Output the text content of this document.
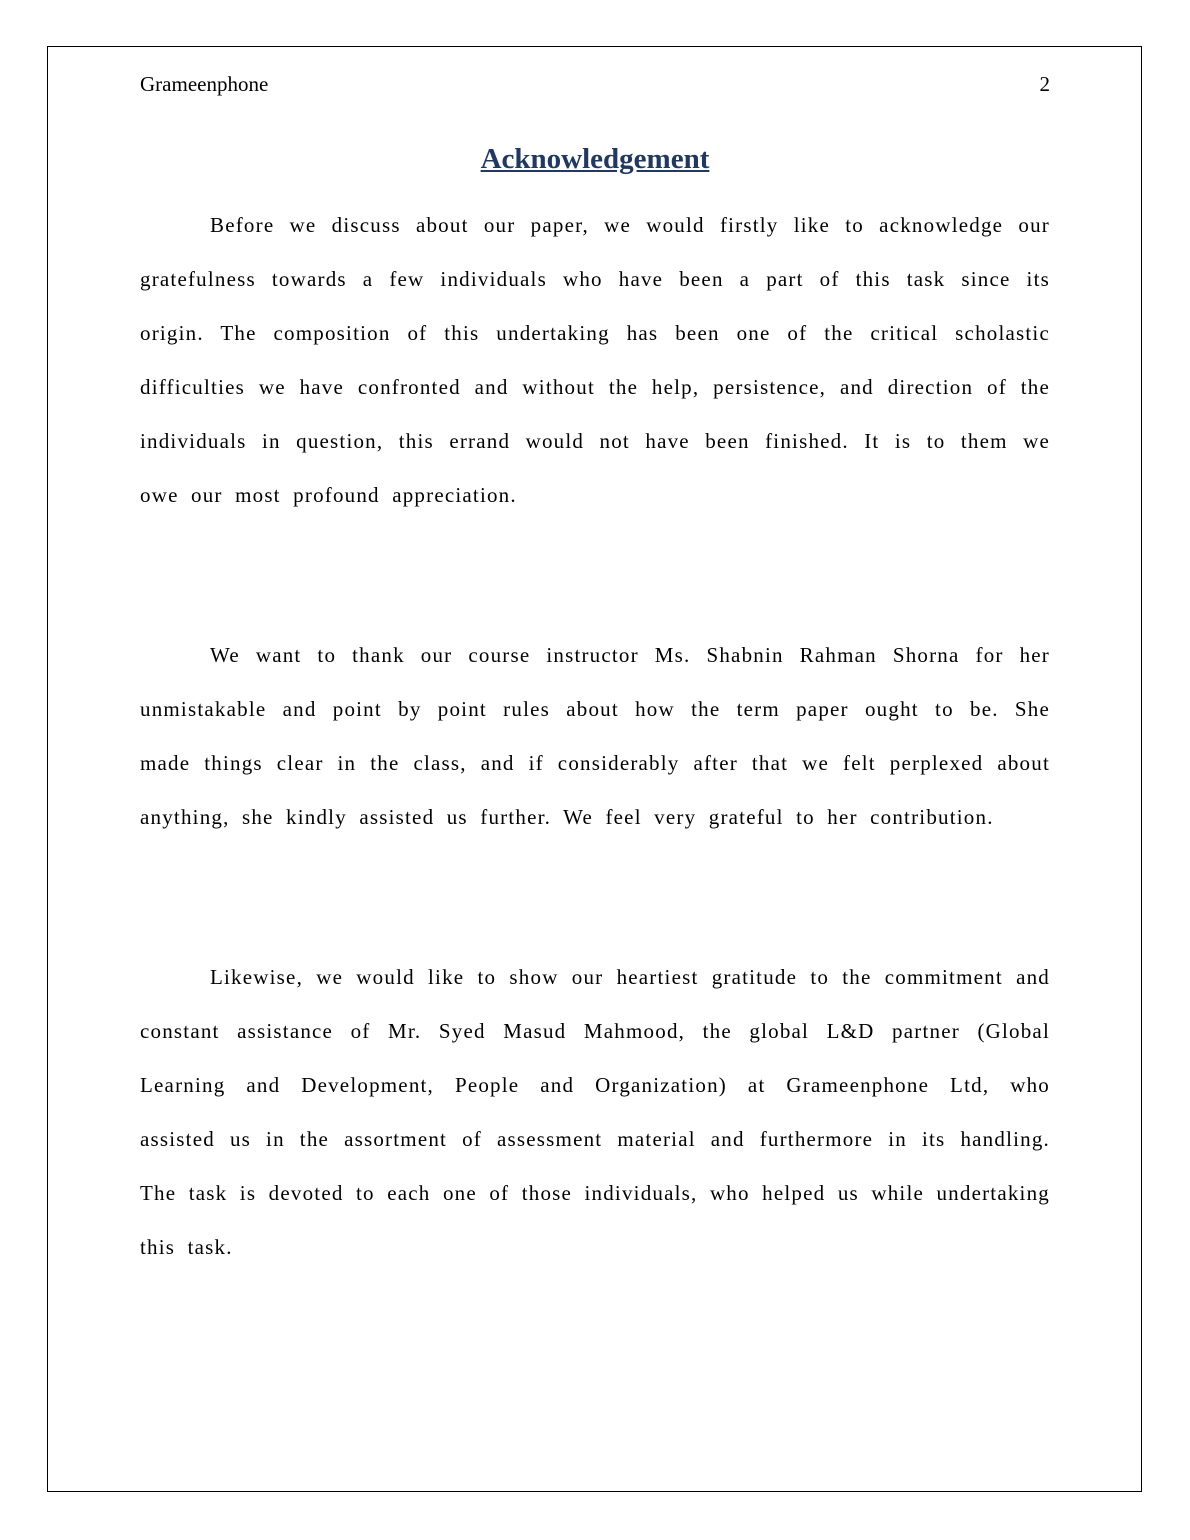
Grameenphone	2
Acknowledgement

Before we discuss about our paper, we would firstly like to acknowledge our gratefulness towards a few individuals who have been a part of this task since its origin. The composition of this undertaking has been one of the critical scholastic difficulties we have confronted and without the help, persistence, and direction of the individuals in question, this errand would not have been finished. It is to them we owe our most profound appreciation.

We want to thank our course instructor Ms. Shabnin Rahman Shorna for her unmistakable and point by point rules about how the term paper ought to be. She made things clear in the class, and if considerably after that we felt perplexed about anything, she kindly assisted us further. We feel very grateful to her contribution.

Likewise, we would like to show our heartiest gratitude to the commitment and constant assistance of Mr. Syed Masud Mahmood, the global L&D partner (Global Learning and Development, People and Organization) at Grameenphone Ltd, who assisted us in the assortment of assessment material and furthermore in its handling. The task is devoted to each one of those individuals, who helped us while undertaking this task.
